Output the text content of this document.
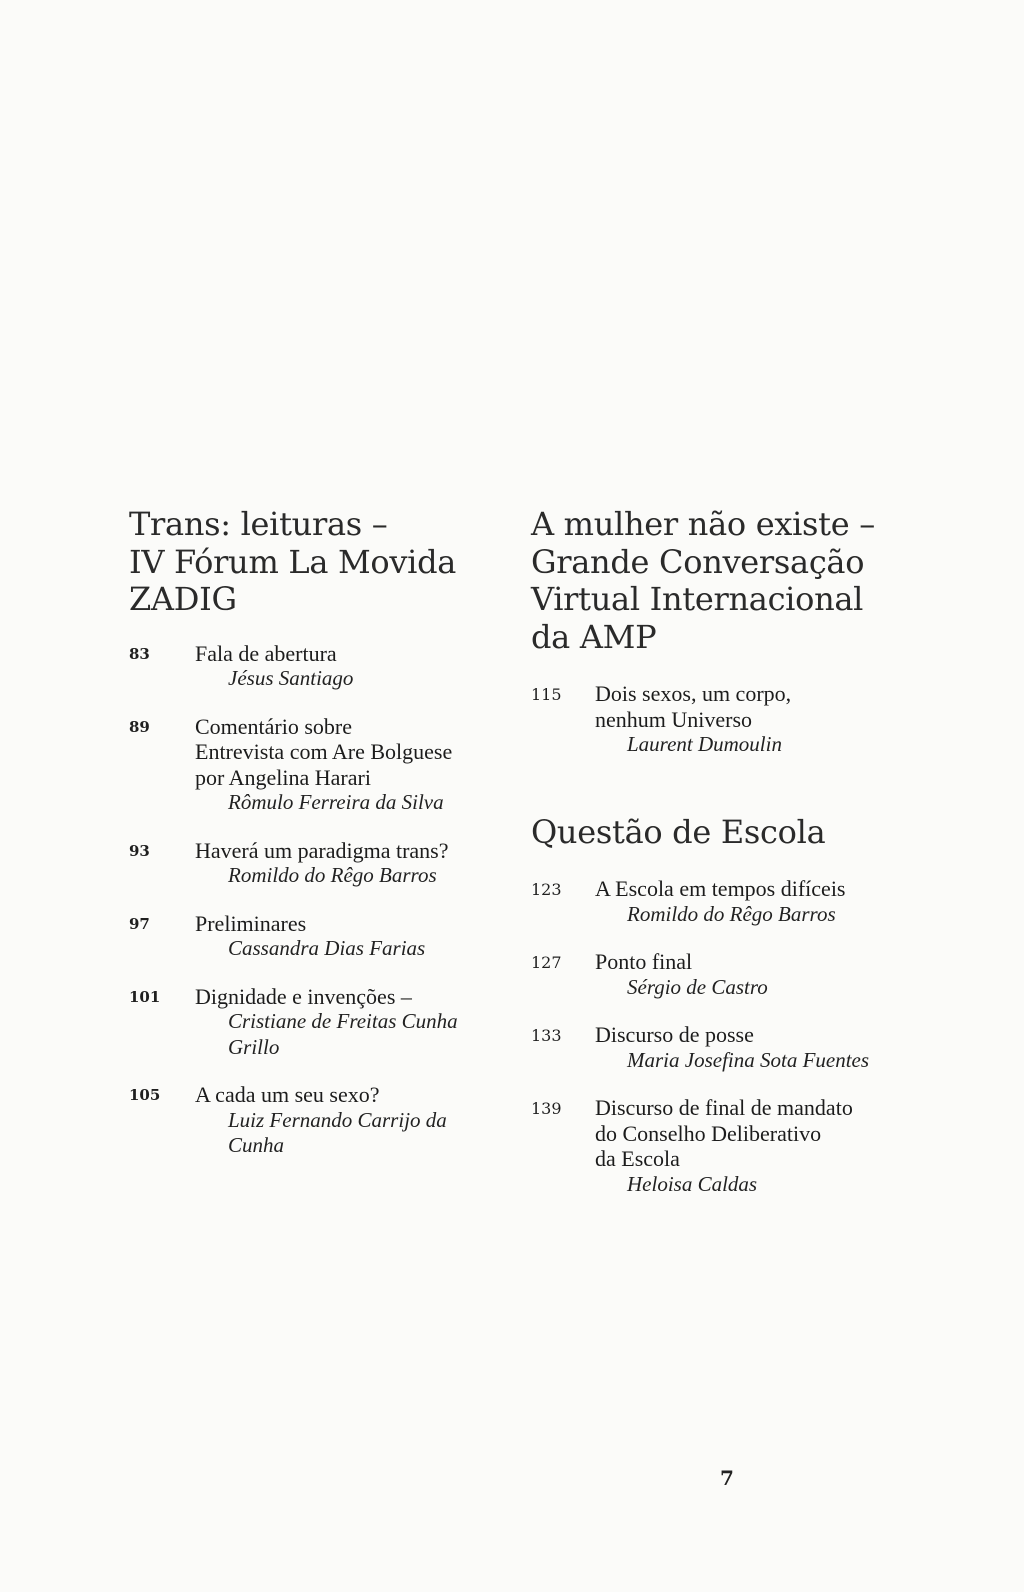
Trans: leituras –
IV Fórum La Movida
ZADIG
83	Fala de abertura
Jésus Santiago
89	Comentário sobre
Entrevista com Are Bolguese
por Angelina Harari
Rômulo Ferreira da Silva
93	Haverá um paradigma trans?
Romildo do Rêgo Barros
97	Preliminares
Cassandra Dias Farias
101	Dignidade e invenções –
Cristiane de Freitas Cunha
Grillo
105	A cada um seu sexo?
Luiz Fernando Carrijo da
Cunha
A mulher não existe –
Grande Conversação
Virtual Internacional
da AMP
115	Dois sexos, um corpo,
nenhum Universo
Laurent Dumoulin
Questão de Escola
123	A Escola em tempos difíceis
Romildo do Rêgo Barros
127	Ponto final
Sérgio de Castro
133	Discurso de posse
Maria Josefina Sota Fuentes
139	Discurso de final de mandato
do Conselho Deliberativo
da Escola
Heloisa Caldas
7
